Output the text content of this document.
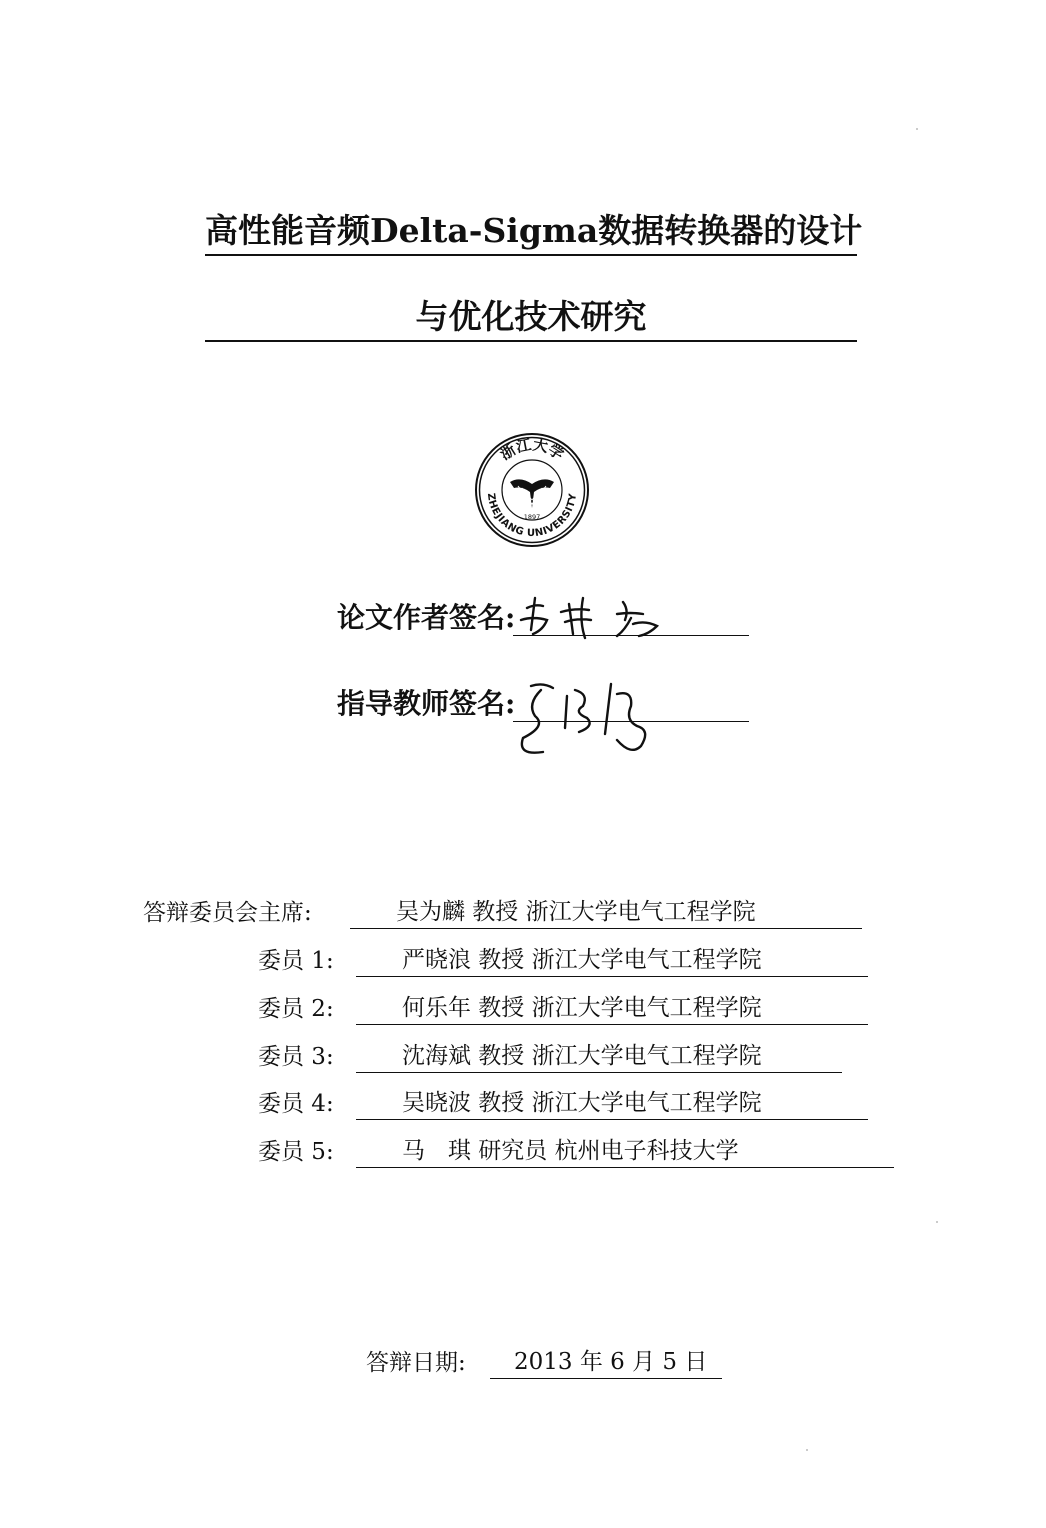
高性能音频Delta-Sigma数据转换器的设计
与优化技术研究
浙江大学
ZHEJIANG UNIVERSITY
1897
论文作者签名:
指导教师签名:
答辩委员会主席:	吴为麟 教授 浙江大学电气工程学院
委员 1:	严晓浪 教授 浙江大学电气工程学院
委员 2:	何乐年 教授 浙江大学电气工程学院
委员 3:	沈海斌 教授 浙江大学电气工程学院
委员 4:	吴晓波 教授 浙江大学电气工程学院
委员 5:	马　琪 研究员 杭州电子科技大学
答辩日期:	2013 年 6 月 5 日
